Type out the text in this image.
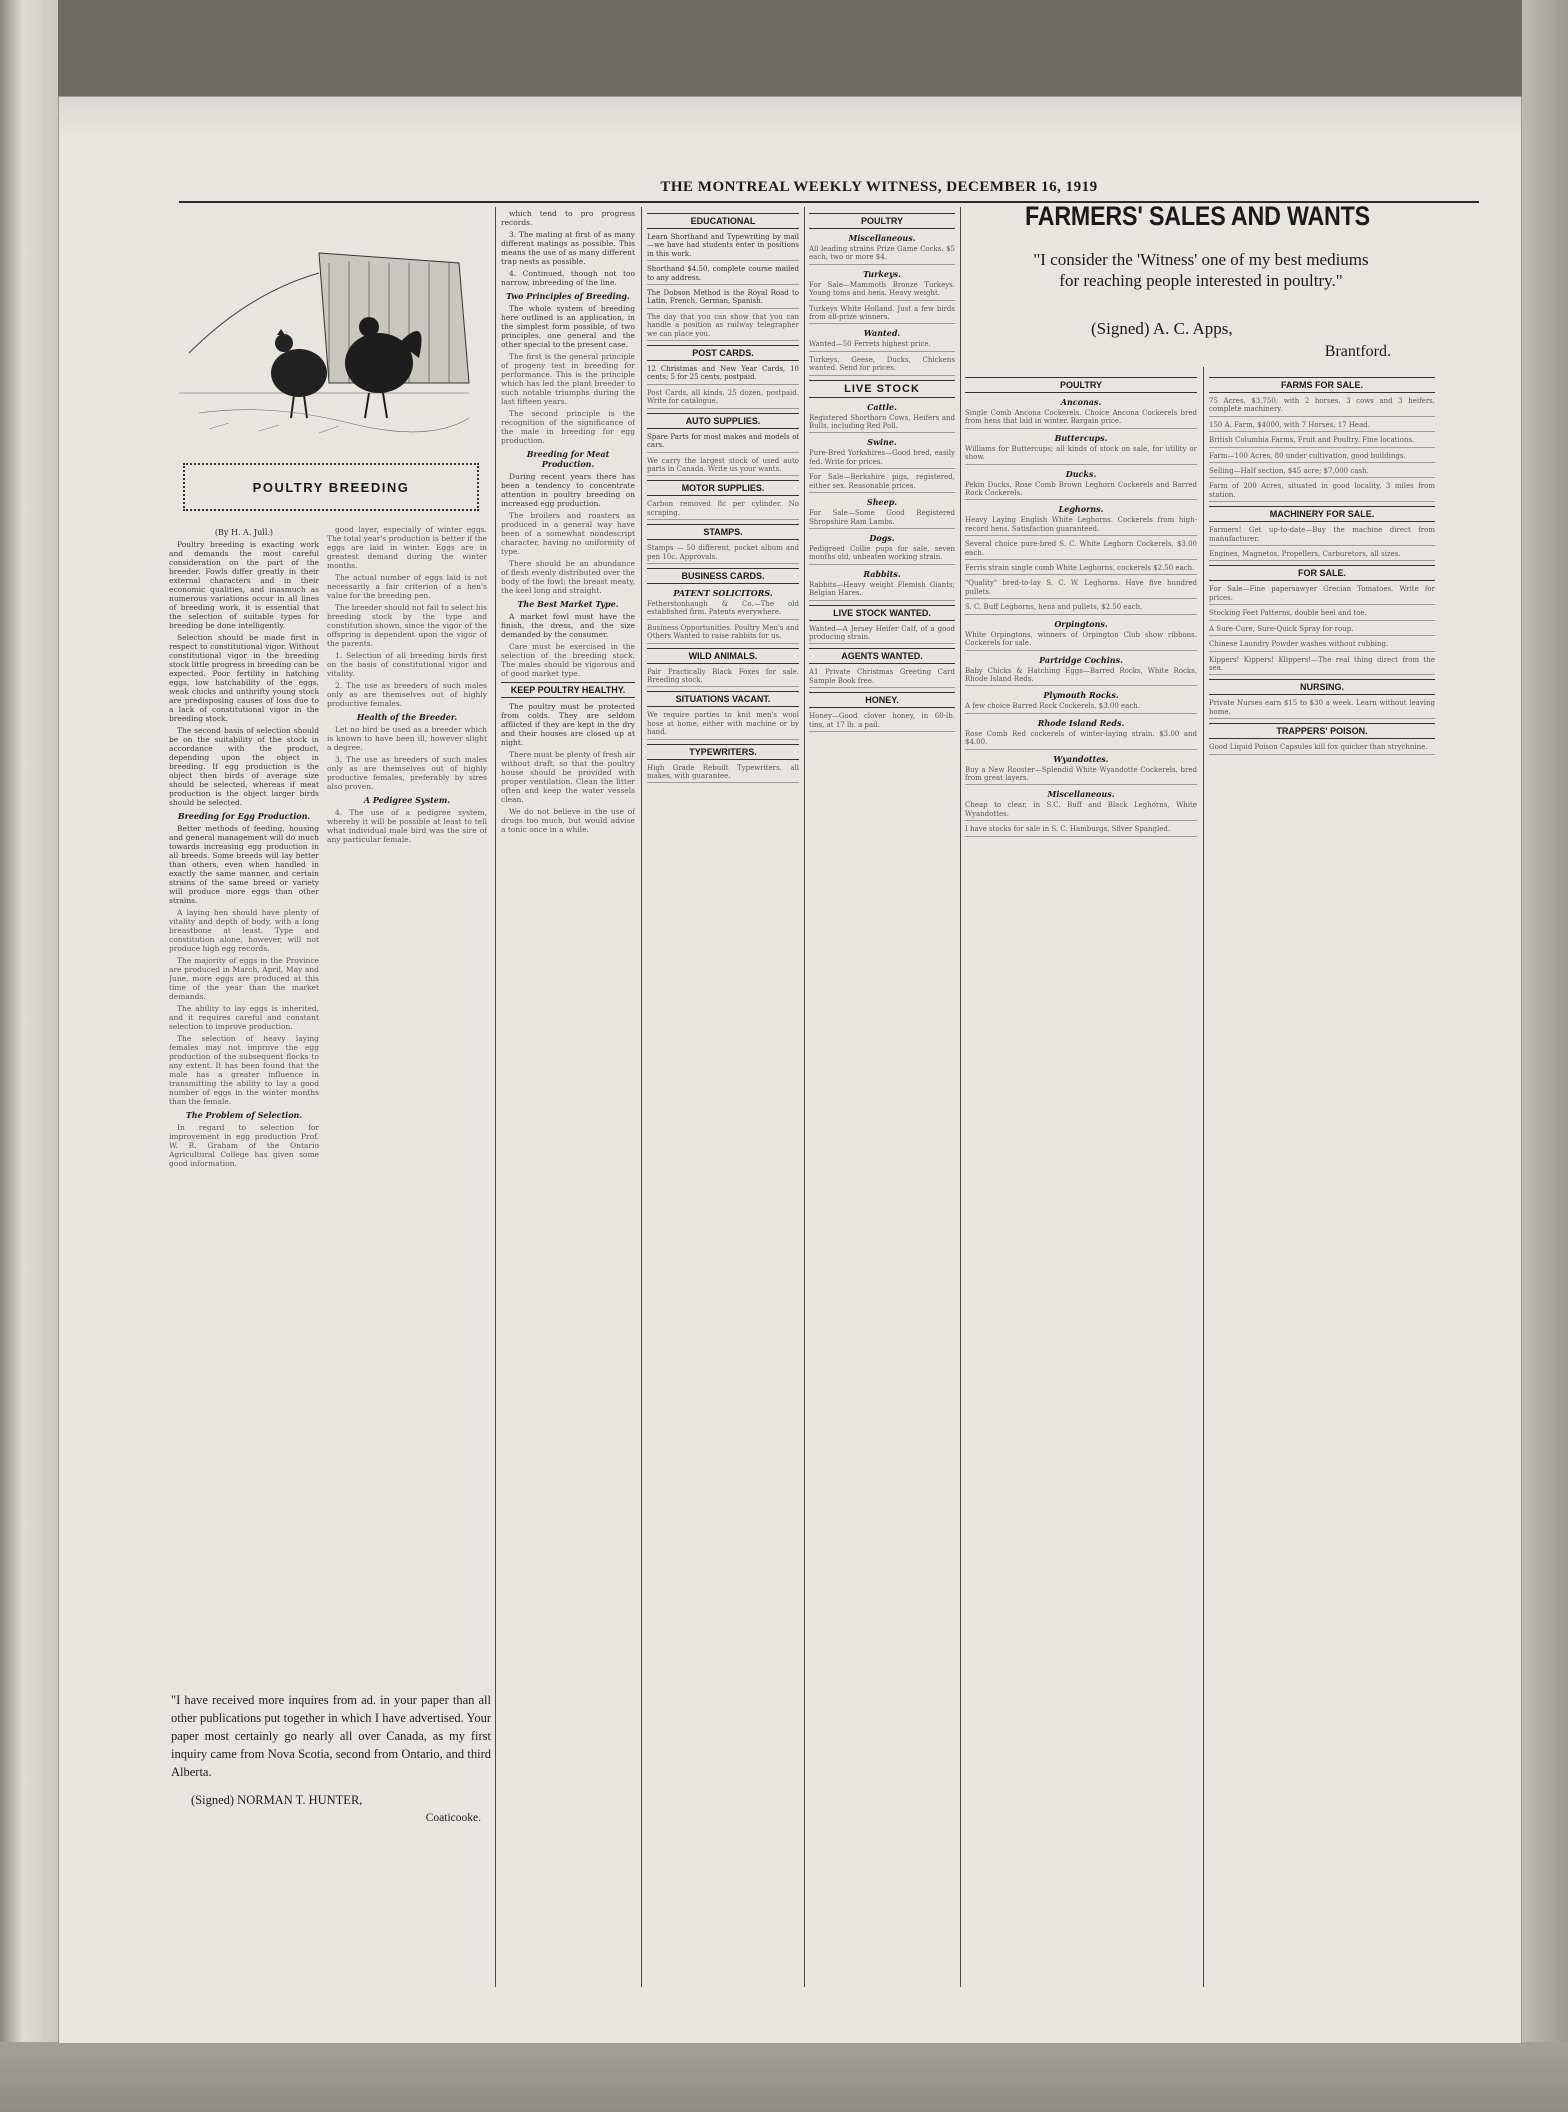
THE MONTREAL WEEKLY WITNESS, DECEMBER 16, 1919
POULTRY BREEDING
(By H. A. Jull.)

Poultry breeding is exacting work and demands the most careful consideration on the part of the breeder. Fowls differ greatly in their external characters and in their economic qualities, and inasmuch as numerous variations occur in all lines of breeding work, it is essential that the selection of suitable types for breeding be done intelligently.

Selection should be made first in respect to constitutional vigor. Without constitutional vigor in the breeding stock little progress in breeding can be expected. Poor fertility in hatching eggs, low hatchability of the eggs, weak chicks and unthrifty young stock are predisposing causes of loss due to a lack of constitutional vigor in the breeding stock.

The second basis of selection should be on the suitability of the stock in accordance with the product, depending upon the object in breeding. If egg production is the object then birds of average size should be selected, whereas if meat production is the object larger birds should be selected.

Breeding for Egg Production.

Better methods of feeding, housing and general management will do much towards increasing egg production in all breeds. Some breeds will lay better than others, even when handled in exactly the same manner, and certain strains of the same breed or variety will produce more eggs than other strains.

A laying hen should have plenty of vitality and depth of body, with a long breastbone at least. Type and constitution alone, however, will not produce high egg records.

The majority of eggs in the Province are produced in March, April, May and June, more eggs are produced at this time of the year than the market demands.

The ability to lay eggs is inherited, and it requires careful and constant selection to improve production.

The selection of heavy laying females may not improve the egg production of the subsequent flocks to any extent. It has been found that the male has a greater influence in transmitting the ability to lay a good number of eggs in the winter months than the female.

The Problem of Selection.

In regard to selection for improvement in egg production Prof. W. R. Graham of the Ontario Agricultural College has given some good information.

good layer, especially of winter eggs. The total year's production is better if the eggs are laid in winter. Eggs are in greatest demand during the winter months.

The actual number of eggs laid is not necessarily a fair criterion of a hen's value for the breeding pen.

The breeder should not fail to select his breeding stock by the type and constitution shown, since the vigor of the offspring is dependent upon the vigor of the parents.

1. Selection of all breeding birds first on the basis of constitutional vigor and vitality.

2. The use as breeders of such males only as are themselves out of highly productive females.

Health of the Breeder.

Let no bird be used as a breeder which is known to have been ill, however slight a degree.

3. The use as breeders of such males only as are themselves out of highly productive females, preferably by sires also proven.

A Pedigree System.

4. The use of a pedigree system, whereby it will be possible at least to tell what individual male bird was the sire of any particular female.

"I have received more inquires from ad. in your paper than all other publications put together in which I have advertised. Your paper most certainly go nearly all over Canada, as my first inquiry came from Nova Scotia, second from Ontario, and third Alberta.

(Signed) NORMAN T. HUNTER,
Coaticooke.

which tend to pro progress records.

3. The mating at first of as many different matings as possible. This means the use of as many different trap nests as possible.

4. Continued, though not too narrow, inbreeding of the line.

Two Principles of Breeding.

The whole system of breeding here outlined is an application, in the simplest form possible, of two principles, one general and the other special to the present case.

The first is the general principle of progeny test in breeding for performance. This is the principle which has led the plant breeder to such notable triumphs during the last fifteen years.

The second principle is the recognition of the significance of the male in breeding for egg production.

Breeding for Meat Production.

During recent years there has been a tendency to concentrate attention in poultry breeding on increased egg production.

The broilers and roasters as produced in a general way have been of a somewhat nondescript character, having no uniformity of type.

There should be an abundance of flesh evenly distributed over the body of the fowl; the breast meaty, the keel long and straight.

The Best Market Type.

A market fowl must have the finish, the dress, and the size demanded by the consumer.

Care must be exercised in the selection of the breeding stock. The males should be vigorous and of good market type.

KEEP POULTRY HEALTHY.

The poultry must be protected from colds. They are seldom afflicted if they are kept in the dry and their houses are closed up at night.

There must be plenty of fresh air without draft, so that the poultry house should be provided with proper ventilation. Clean the litter often and keep the water vessels clean.

We do not believe in the use of drugs too much, but would advise a tonic once in a while.

EDUCATIONAL

Learn Shorthand and Typewriting by mail—we have had students enter in positions in this work.

Shorthand $4.50, complete course mailed to any address.

The Dobson Method is the Royal Road to Latin, French, German, Spanish.

The day that you can show that you can handle a position as railway telegrapher we can place you.

POST CARDS.

12 Christmas and New Year Cards, 10 cents; 5 for 25 cents, postpaid.

Post Cards, all kinds, 25 dozen, postpaid. Write for catalogue.

AUTO SUPPLIES.

Spare Parts for most makes and models of cars.

We carry the largest stock of used auto parts in Canada. Write us your wants.

MOTOR SUPPLIES.

Carbon removed 8c per cylinder. No scraping.

STAMPS.

Stamps — 50 different, pocket album and pen 10c. Approvals.

BUSINESS CARDS.
PATENT SOLICITORS.

Fetherstonhaugh & Co.—The old established firm. Patents everywhere.

Business Opportunities. Poultry Men's and Others Wanted to raise rabbits for us.

WILD ANIMALS.

Pair Practically Black Foxes for sale. Breeding stock.

SITUATIONS VACANT.

We require parties to knit men's wool hose at home, either with machine or by hand.

TYPEWRITERS.

High Grade Rebuilt Typewriters, all makes, with guarantee.

POULTRY
Miscellaneous.

All leading strains Prize Game Cocks. $5 each, two or more $4.

Turkeys.

For Sale—Mammoth Bronze Turkeys. Young toms and hens. Heavy weight.

Turkeys White Holland. Just a few birds from all-prize winners.

Wanted.

Wanted—50 Ferrets highest price.

Turkeys, Geese, Ducks, Chickens wanted. Send for prices.

LIVE STOCK
Cattle.

Registered Shorthorn Cows, Heifers and Bulls, including Red Poll.

Swine.

Pure-Bred Yorkshires—Good bred, easily fed. Write for prices.

For Sale—Berkshire pigs, registered, either sex. Reasonable prices.

Sheep.

For Sale—Some Good Registered Shropshire Ram Lambs.

Dogs.

Pedigreed Collie pups for sale, seven months old, unbeaten working strain.

Rabbits.

Rabbits—Heavy weight Flemish Giants; Belgian Hares.

LIVE STOCK WANTED.

Wanted—A Jersey Heifer Calf, of a good producing strain.

AGENTS WANTED.

A1 Private Christmas Greeting Card Sample Book free.

HONEY.

Honey—Good clover honey, in 60-lb. tins, at 17 lb. a pail.

FARMERS' SALES AND WANTS
"I consider the 'Witness' one of my best mediums for reaching people interested in poultry."
(Signed) A. C. Apps,
Brantford.
POULTRY
Anconas.

Single Comb Ancona Cockerels. Choice Ancona Cockerels bred from hens that laid in winter. Bargain price.

Buttercups.

Williams for Buttercups; all kinds of stock on sale, for utility or show.

Ducks.

Pekin Ducks, Rose Comb Brown Leghorn Cockerels and Barred Rock Cockerels.

Leghorns.

Heavy Laying English White Leghorns. Cockerels from high-record hens. Satisfaction guaranteed.

Several choice pure-bred S. C. White Leghorn Cockerels, $3.00 each.

Ferris strain single comb White Leghorns, cockerels $2.50 each.

"Quality" bred-to-lay S. C. W. Leghorns. Have five hundred pullets.

S. C. Buff Leghorns, hens and pullets, $2.50 each.

Orpingtons.

White Orpingtons, winners of Orpington Club show ribbons. Cockerels for sale.

Partridge Cochins.

Baby Chicks & Hatching Eggs—Barred Rocks, White Rocks, Rhode Island Reds.

Plymouth Rocks.

A few choice Barred Rock Cockerels, $3.00 each.

Rhode Island Reds.

Rose Comb Red cockerels of winter-laying strain. $3.00 and $4.00.

Wyandottes.

Buy a New Rooster—Splendid White Wyandotte Cockerels, bred from great layers.

Miscellaneous.

Cheap to clear, in S.C. Buff and Black Leghorns, White Wyandottes.

I have stocks for sale in S. C. Hamburgs, Silver Spangled.

FARMS FOR SALE.

75 Acres, $3,750; with 2 horses, 3 cows and 3 heifers, complete machinery.

150 A. Farm, $4000, with 7 Horses, 17 Head.

British Columbia Farms, Fruit and Poultry. Fine locations.

Farm—100 Acres, 80 under cultivation, good buildings.

Selling—Half section, $45 acre; $7,000 cash.

Farm of 200 Acres, situated in good locality, 3 miles from station.

MACHINERY FOR SALE.

Farmers! Get up-to-date—Buy the machine direct from manufacturer.

Engines, Magnetos, Propellers, Carburetors, all sizes.

FOR SALE.

For Sale—Fine papersawyer Grecian Tomatoes. Write for prices.

Stocking Feet Patterns, double heel and toe.

A Sure-Cure, Sure-Quick Spray for roup.

Chinese Laundry Powder washes without rubbing.

Kippers! Kippers! Klippers!—The real thing direct from the sea.

NURSING.

Private Nurses earn $15 to $30 a week. Learn without leaving home.

TRAPPERS' POISON.

Good Liquid Poison Capsules kill fox quicker than strychnine.
